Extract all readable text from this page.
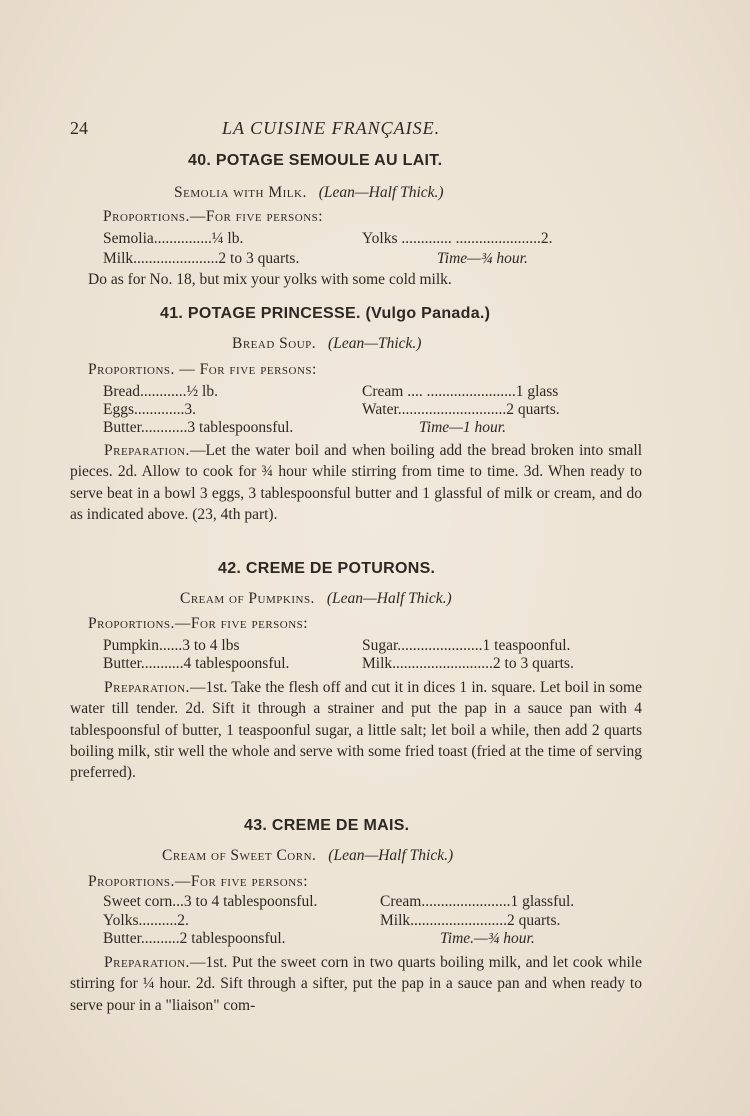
24	LA CUISINE FRANÇAISE.
40. POTAGE SEMOULE AU LAIT.
Semolia with Milk. (Lean—Half Thick.)
Proportions.—For five persons:
Semolia...............¼ lb.	Yolks ............. ......................2.
Milk......................2 to 3 quarts.	Time—¾ hour.
Do as for No. 18, but mix your yolks with some cold milk.
41. POTAGE PRINCESSE. (Vulgo Panada.)
Bread Soup. (Lean—Thick.)
Proportions. — For five persons:
Bread............½ lb.	Cream .... .......................1 glass
Eggs.............3.	Water............................2 quarts.
Butter............3 tablespoonsful.	Time—1 hour.
Preparation.—Let the water boil and when boiling add the bread broken into small pieces. 2d. Allow to cook for ¾ hour while stirring from time to time. 3d. When ready to serve beat in a bowl 3 eggs, 3 tablespoonsful butter and 1 glassful of milk or cream, and do as indicated above. (23, 4th part).
42. CREME DE POTURONS.
Cream of Pumpkins. (Lean—Half Thick.)
Proportions.—For five persons:
Pumpkin......3 to 4 lbs	Sugar......................1 teaspoonful.
Butter...........4 tablespoonsful.	Milk..........................2 to 3 quarts.
Preparation.—1st. Take the flesh off and cut it in dices 1 in. square. Let boil in some water till tender. 2d. Sift it through a strainer and put the pap in a sauce pan with 4 tablespoonsful of butter, 1 teaspoonful sugar, a little salt; let boil a while, then add 2 quarts boiling milk, stir well the whole and serve with some fried toast (fried at the time of serving preferred).
43. CREME DE MAIS.
Cream of Sweet Corn. (Lean—Half Thick.)
Proportions.—For five persons:
Sweet corn...3 to 4 tablespoonsful.	Cream.......................1 glassful.
Yolks..........2.	Milk.........................2 quarts.
Butter..........2 tablespoonsful.	Time.—¾ hour.
Preparation.—1st. Put the sweet corn in two quarts boiling milk, and let cook while stirring for ¼ hour. 2d. Sift through a sifter, put the pap in a sauce pan and when ready to serve pour in a "liaison" com-
